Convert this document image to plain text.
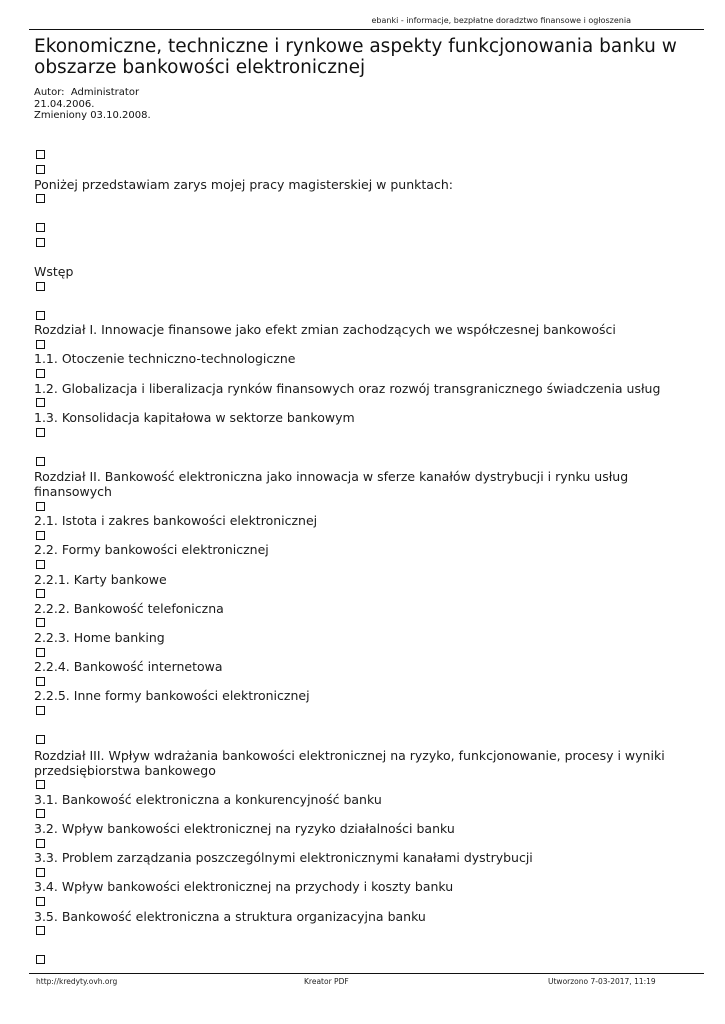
ebanki - informacje, bezpłatne doradztwo finansowe i ogłoszenia
Ekonomiczne, techniczne i rynkowe aspekty funkcjonowania banku w obszarze bankowości elektronicznej
Autor:  Administrator
21.04.2006.
Zmieniony 03.10.2008.
Poniżej przedstawiam zarys mojej pracy magisterskiej w punktach:
Wstęp
Rozdział I. Innowacje finansowe jako efekt zmian zachodzących we współczesnej bankowości
1.1. Otoczenie techniczno-technologiczne
1.2. Globalizacja i liberalizacja rynków finansowych oraz rozwój transgranicznego świadczenia usług
1.3. Konsolidacja kapitałowa w sektorze bankowym
Rozdział II. Bankowość elektroniczna jako innowacja w sferze kanałów dystrybucji i rynku usług finansowych
2.1. Istota i zakres bankowości elektronicznej
2.2. Formy bankowości elektronicznej
2.2.1. Karty bankowe
2.2.2. Bankowość telefoniczna
2.2.3. Home banking
2.2.4. Bankowość internetowa
2.2.5. Inne formy bankowości elektronicznej
Rozdział III. Wpływ wdrażania bankowości elektronicznej na ryzyko, funkcjonowanie, procesy i wyniki przedsiębiorstwa bankowego
3.1. Bankowość elektroniczna a konkurencyjność banku
3.2. Wpływ bankowości elektronicznej na ryzyko działalności banku
3.3. Problem zarządzania poszczególnymi elektronicznymi kanałami dystrybucji
3.4. Wpływ bankowości elektronicznej na przychody i koszty banku
3.5. Bankowość elektroniczna a struktura organizacyjna banku
http://kredyty.ovh.org	Kreator PDF	Utworzono 7-03-2017, 11:19
